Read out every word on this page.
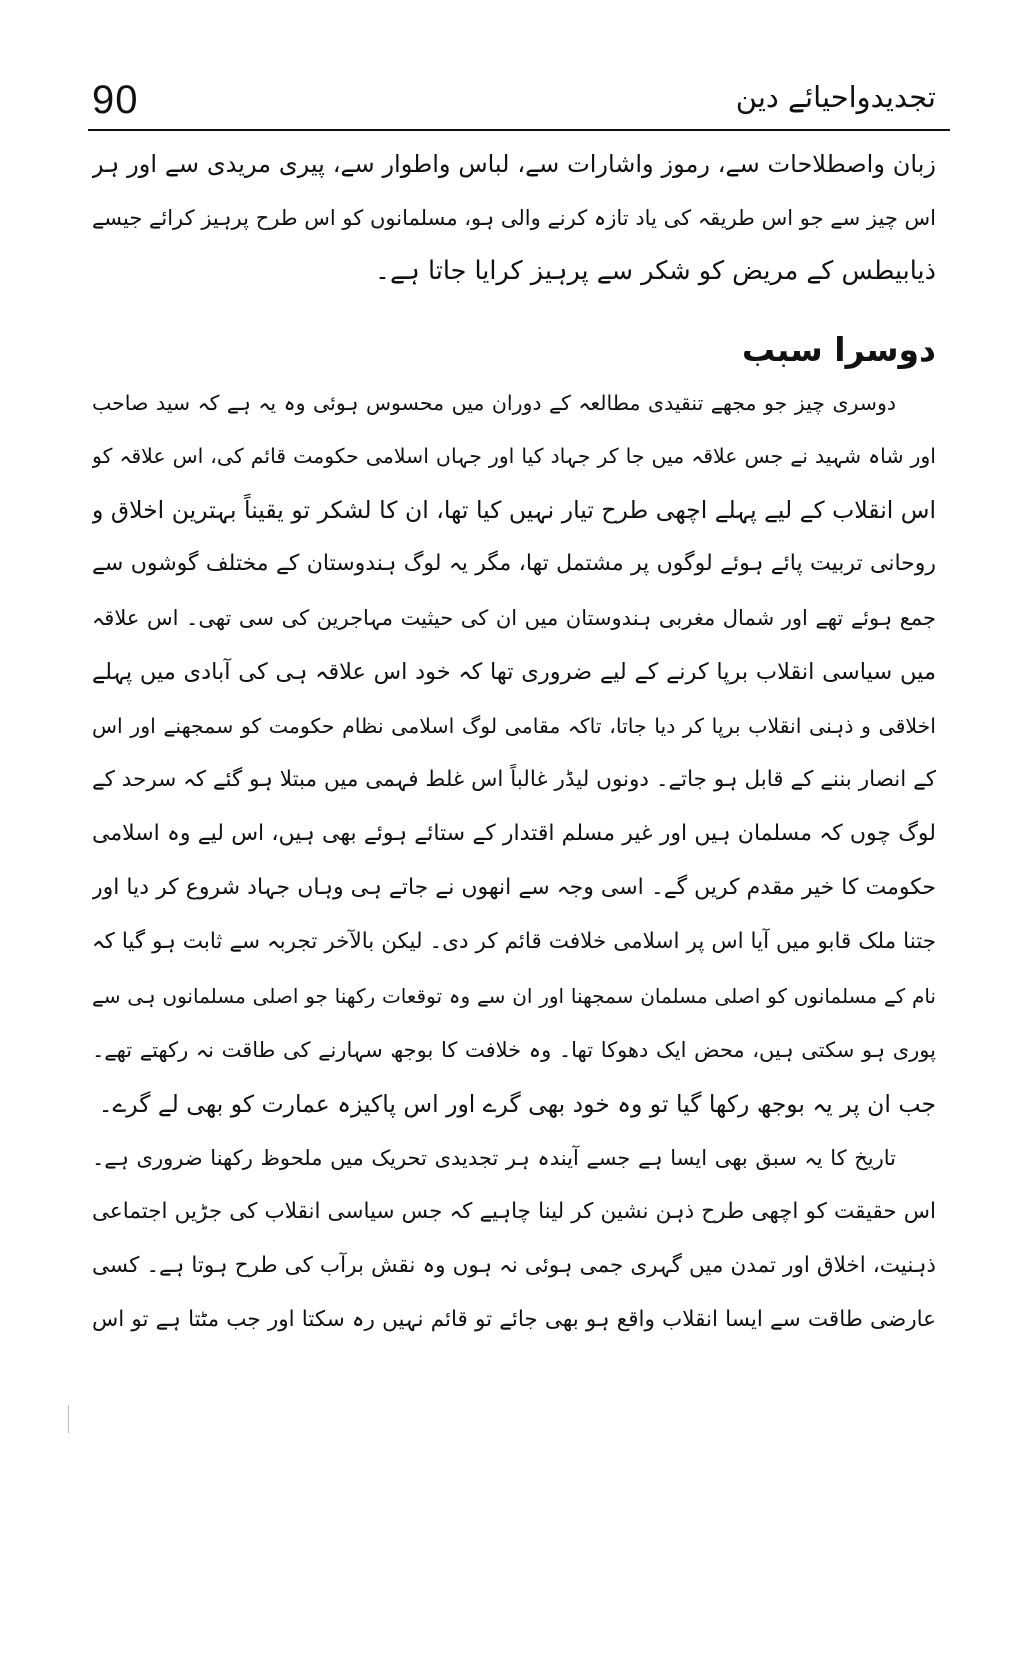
90	تجدیدواحیائے دین
زبان واصطلاحات سے، رموز واشارات سے، لباس واطوار سے، پیری مریدی سے اور ہر
اس چیز سے جو اس طریقہ کی یاد تازہ کرنے والی ہو، مسلمانوں کو اس طرح پرہیز کرائے جیسے
ذیابیطس کے مریض کو شکر سے پرہیز کرایا جاتا ہے۔
دوسری چیز جو مجھے تنقیدی مطالعہ کے دوران میں محسوس ہوئی وہ یہ ہے کہ سید صاحب
اور شاہ شہید نے جس علاقہ میں جا کر جہاد کیا اور جہاں اسلامی حکومت قائم کی، اس علاقہ کو
اس انقلاب کے لیے پہلے اچھی طرح تیار نہیں کیا تھا، ان کا لشکر تو یقیناً بہترین اخلاق و
روحانی تربیت پائے ہوئے لوگوں پر مشتمل تھا، مگر یہ لوگ ہندوستان کے مختلف گوشوں سے
جمع ہوئے تھے اور شمال مغربی ہندوستان میں ان کی حیثیت مہاجرین کی سی تھی۔ اس علاقہ
میں سیاسی انقلاب برپا کرنے کے لیے ضروری تھا کہ خود اس علاقہ ہی کی آبادی میں پہلے
اخلاقی و ذہنی انقلاب برپا کر دیا جاتا، تاکہ مقامی لوگ اسلامی نظام حکومت کو سمجھنے اور اس
کے انصار بننے کے قابل ہو جاتے۔ دونوں لیڈر غالباً اس غلط فہمی میں مبتلا ہو گئے کہ سرحد کے
لوگ چوں کہ مسلمان ہیں اور غیر مسلم اقتدار کے ستائے ہوئے بھی ہیں، اس لیے وہ اسلامی
حکومت کا خیر مقدم کریں گے۔ اسی وجہ سے انھوں نے جاتے ہی وہاں جہاد شروع کر دیا اور
جتنا ملک قابو میں آیا اس پر اسلامی خلافت قائم کر دی۔ لیکن بالآخر تجربہ سے ثابت ہو گیا کہ
نام کے مسلمانوں کو اصلی مسلمان سمجھنا اور ان سے وہ توقعات رکھنا جو اصلی مسلمانوں ہی سے
پوری ہو سکتی ہیں، محض ایک دھوکا تھا۔ وہ خلافت کا بوجھ سہارنے کی طاقت نہ رکھتے تھے۔
جب ان پر یہ بوجھ رکھا گیا تو وہ خود بھی گرے اور اس پاکیزہ عمارت کو بھی لے گرے۔
تاریخ کا یہ سبق بھی ایسا ہے جسے آیندہ ہر تجدیدی تحریک میں ملحوظ رکھنا ضروری ہے۔
اس حقیقت کو اچھی طرح ذہن نشین کر لینا چاہیے کہ جس سیاسی انقلاب کی جڑیں اجتماعی
ذہنیت، اخلاق اور تمدن میں گہری جمی ہوئی نہ ہوں وہ نقش برآب کی طرح ہوتا ہے۔ کسی
عارضی طاقت سے ایسا انقلاب واقع ہو بھی جائے تو قائم نہیں رہ سکتا اور جب مٹتا ہے تو اس
دوسرا سبب
